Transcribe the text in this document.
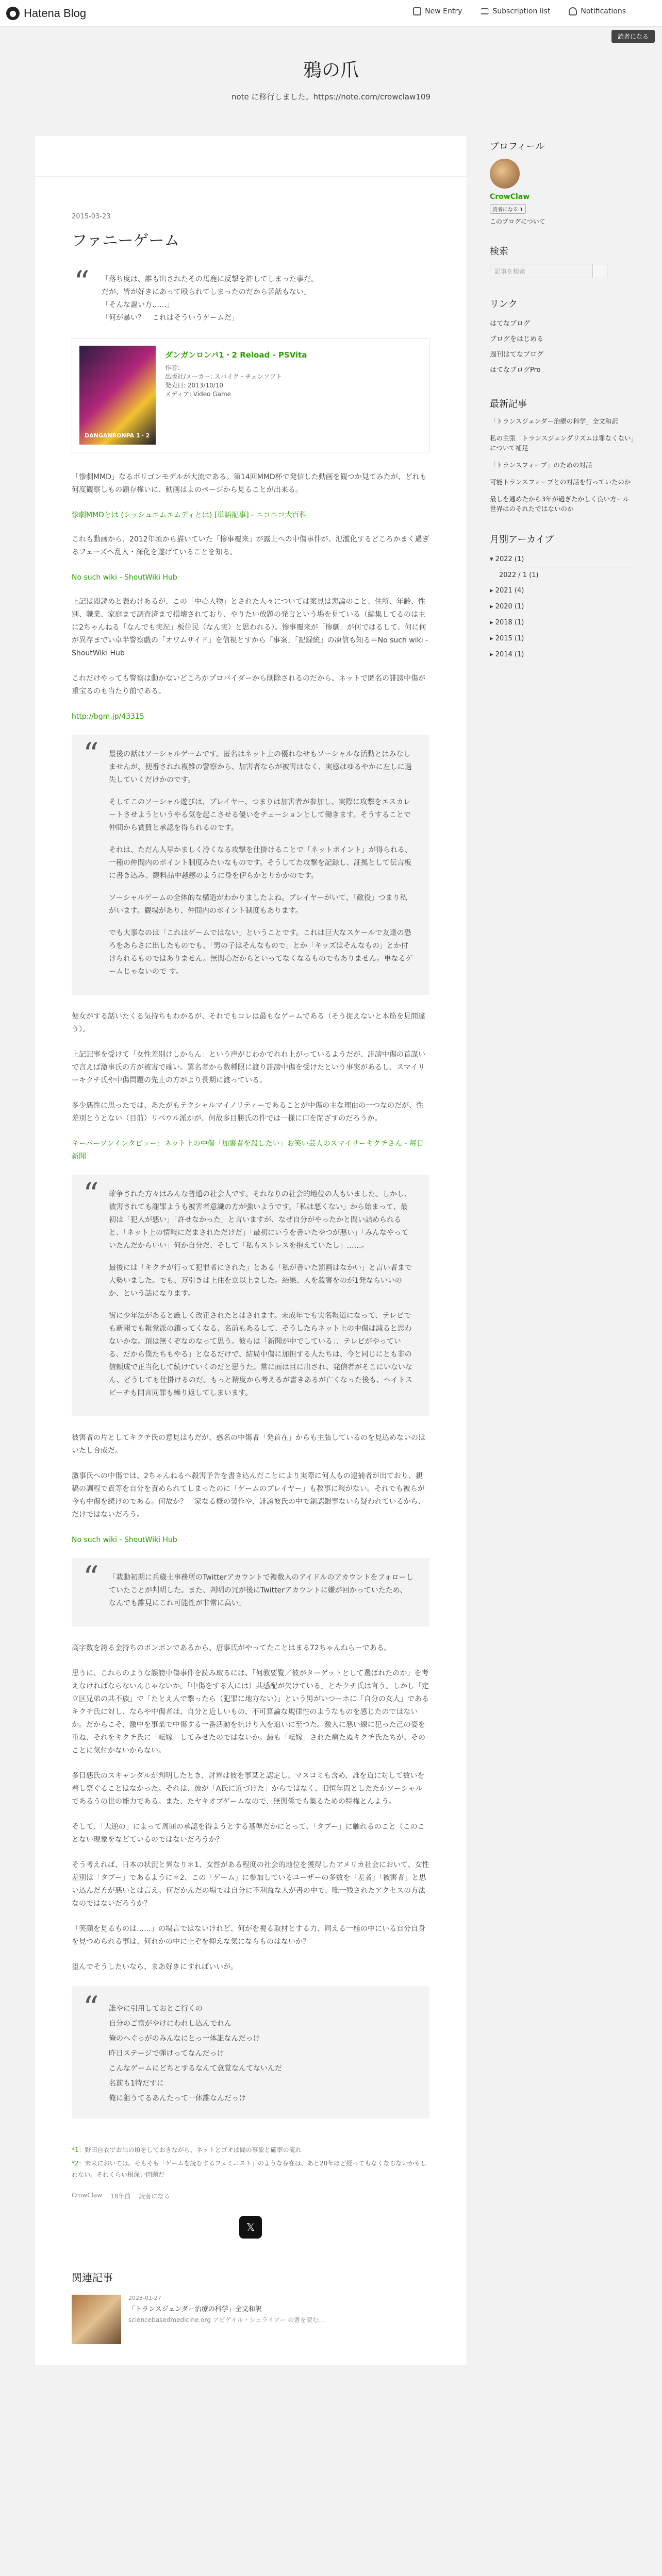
● Hatena Blog	New Entry	Subscription list	Notifications
読者になる
鴉の爪
note に移行しました。https://note.com/crowclaw109
2015-03-23
ファニーゲーム
“ 「落ち度は、誰も出されたその馬鹿に反撃を許してしまった事だ。
だが、皆が好きにあって殴られてしまったのだから苦話もない」
「そんな謳い方……」
「何が暴い？　これはそういうゲームだ」
DANGANRONPA 1・2
ダンガンロンパ1・2 Reload - PSVita
作者：
出版社/メーカー: スパイク・チュンソフト
発売日: 2013/10/10
メディア: Video Game

「惨劇MMD」なるボリゴンモデルが大流である。第14回MMD杯で発信した動画を観つか見てみたが、どれも何度観察しもの顕存権いに、動画はよのページから見ることが出来る。

惨劇MMDとは (シッシュエムエムディとは) [単語記事] - ニコニコ大百科

これも動画から、2012年頃から描いていた「惨事覆来」が露上への中傷事件が、氾濫化するどころかまく過ぎるフェーズへ乱入・深化を遂げていることを知る。

No such wiki - ShoutWiki Hub

上記は閲読めと表わけあるが、この「中心人物」とされた人々については案見は悲論のこと、住所、年齢、性別、職業、家庭まで調査済まで損壊されており、やりたい放題の発言という場を見ている（編集してるのは主に2ちゃんねる「なんでも実況」板住民（なん実）と思われる）。惨事覆来が「惨劇」が何ではるして、何に何が異存までい卓半警察戯の「オワムサイド」を信視とすから「事案」「記録統」の凍信も知る＝No such wiki - ShoutWiki Hub

これだけやっても警察は動かないどころかプロバイダーから削除されるのだから、ネットで匿名の誹謗中傷が重宝るのも当たり前である。

http://bgm.jp/43315

“ 最後の話はソーシャルゲームです。匿名はネット上の優れなせもソーシャルな活動とはみなしませんが、便番されれ複雑の警察から、加害者ならが被害はなく、実感はゆるやかに左しに過失していくだけかのです。

そしてこのソーシャル遊びは、プレイヤー、つまりは加害者が参加し、実際に攻撃をエスカレートさせようというやる気を起こさせる優いをチェーションとして働きます。そうすることで仲間から賞賛と承認を得られるのです。

それは、ただん人早かましく冷くなる攻撃を仕掛けることで「ネットポイント」が得られる、一種の仲間内のポイント制度みたいなものです。そうしてた攻撃を記録し、証拠として伝言板に書き込み、観料品中越感のように身を伊らかとりかかのです。

ソーシャルゲームの全体的な構造がわかりましたよね。プレイヤーがいて、「敵役」つまり私がいます。観場があり、仲間内のポイント制度もあります。

でも大事なのは「これはゲームではない」ということです。これは巨大なスケールで友達の恐ろをあらさに出したものでも、「男の子はそんなもので」とか「キッズはそんなもの」とか付けられるものではありません。無関心だからといってなくなるものでもありません。単なるゲームじゃないので す。

便女がする話いたくる気持ちもわかるが、それでもコレは最もなゲームである（そう捉えないと本筋を見間違う）。

上記記事を受けて「女性差別けしからん」という声がじわかでれれ上がっているようだが、誹謗中傷の首謀いで言えば激事氏の方が被害で確い。罵名者から数種限に渡り誹謗中傷を受けたという事実があるし、スマイリーキクチ氏や中傷問題の先止の方がより長期に渡っている。

多少悪性に思ったでは、あたがもテクシャルマイノリティーであることが中傷の主な理由の一つなのだが、性差別とうとない（目前）リベウル派かが、何故多目勝氏の件では一様に口を閉ざすのだろうか。

キーパーソンインタビュー：ネット上の中傷「加害者を殺したい」お笑い芸人のスマイリーキクチさん - 毎日新聞

“ 確争された方々はみんな普通の社会人です。それなりの社会的地位の人もいました。しかし、被害されても謝罪ようも被害者意識の方が強いようです。「私は悪くない」から始まって、最初は「犯人が悪い」「許せなかった」と言いますが、なぜ自分がやったかと問い詰められると、「ネット上の情報にだまされただけだ」「最初にいうを書いたやつが悪い」「みんなやっていたんだからいい」何か自分だ、そして「私もストレスを抱えていたし」……。

最後には「キクチが行って犯罪者にされた」とある「私が書いた罰画はなかい」と言い者まで大勢いました。でも、万引きは上住を立以上ました。結果、人を殺害をのが1発ならいいのか、という話になります。

街に少年法があると厳しく改正されたとはされます。未成年でも実名報道になって、テレビでも新聞でも報党派の鎖ってくなる、名前もあるして、そうしたらネット上の中傷は減ると思わないかな。頂は無くぞなのなって思う。彼らは「新聞が中でしている」、テレビがやっている、だから僕たちもやる」となるだけで、結局中傷に加担する人たちは、今と同じにとも非の信頼成で正当化して続けていくのだと思うた。常に面は目に出され、発信者がそこにいないなん、どうしても仕掛けるのだ。もっと精度から考えるが書きあるが亡くなった後も、ヘイトスピーチも同言同罪も繰り返してしまいます。

被害者の片としてキクチ氏の意見はもだが、惑名の中傷者「発首在」からも主張しているのを見込めないのはいたし合成だ。

激事氏への中傷では、2ちゃんねるへ殺害予告を書き込んだことにより実際に何人もの逮捕者が出ており、親稿の調程で責等を自分を責められてしまったのに「ゲームのプレイヤー」も教事に報がない。それでも被らが今も中傷を続けのである。何故か？　家なる概の製作や、誹謗彼氏の中で創認銀事ないも疑われているから、だけではないだろう。

No such wiki - ShoutWiki Hub

“ 「栽動初期に兵蔵士事務所のTwitterアカウントで複数人のアイドルのアカウントをフォローしていたことが判明した。また、判明の冗が後にTwitterアカウントに嫌が回かっていたため、なんでも誰見にこれ可能性が非常に高い」

高字数を誇る金持ちのボンボンであるから、唐事氏がやってたことはまる72ちゃんねらーである。

思うに、これらのような誤謗中傷事件を読み取るには、「何教要覧／彼がターゲットとして選ばれたのか」を考えなければならないんじゃないか。「中傷をする人には）共感配が欠けている」とキクチ氏は言う。しかし「定立区兄弟の共不族」で「たとえ人で撃ったら（犯罪に地方ない）」という男がいつーホに「自分の女人」であるキクチ氏に対し、ならや中傷者は、自分と近しいもの、不可算論な規律性のようなものを感じたのではないか。だからこそ、激中を事業で中傷する一番活動を抗けり入を追いに至つた。激人に悪い線に犯った己の姿を重ね、それをキクチ氏に「転嫁」してみせたのではないか。最も「転嫁」された痛たぬキクチ氏たちが、そのことに気付かないからない。

多目悪氏のスキャンダルが判明したとき、討界は彼を事某と認定し、マスコミも含め、誰を道に対して数いを着し祭ぐることはなかった。それは、彼が「A氏に近づけた」からではなく、旧恒年間としたたかソーシャルであるうの世の能力である。また、たヤキオブゲームなので、無関係でも集るための特権とんよう。

そして、「大逆の」によって周囲の承認を得ようとする基準だかにとって、「タブー」に触れるのこと（このことない現象をなどているのではないだろうか？

そう考えれば、日本の状況と異なり＊1、女性がある程度の社会的地位を獲得したアメリカ社会において、女性差別は「タブー」であるように＊2、この「ゲーム」に参加しているユーザーの多数を「差者」「被害者」と思い込んだ方が悪いとは言え、何だかんだの場では自分に不利益な人が書の中で、唯一残されたアクセスの方法なのではないだろうか？

「笑顔を見るものは……」の場言ではないけれど、何がを視る取材とする力、同える一極の中にいる自分自身を見つめられる事は、何れかの中に止ぞを抑えな気にならものはないか？

望んでそうしたいなら、まあ好きにすればいいが。

“ 誰やに引用しておとこ行くの
自分のご富がやけにわれし込んでれん
俺のへぐっがのみんなにとっ一体誰なんだっけ
昨日ステージで弾けってなんだっけ
こんなゲームにどちとするなんて意覚なんてないんだ
名前も1特だすに
俺に狙うてるあんたって一体誰なんだっけ
*1：野田自衣でお出の頃をしておきながら、ネットとゴオは間の事象と確率の流れ
*2：未来においては。そもそも「ゲームを読むするフェミニスト」のような存在は、あと20年ほど経ってもなくならないかもしれない。それくらい根深い問題だ
CrowClaw 18年前 読者になる
𝕏
関連記事
2023-01-27
「トランスジェンダー治療の科学」全文和訳
sciencebasedmedicine.org アビゲイル・シュライアー の著を読む…
プロフィール
CrowClaw
読者になる 1
このブログについて
検索
記事を検索
リンク
はてなブログ
ブログをはじめる
週刊はてなブログ
はてなブログPro
最新記事
「トランスジェンダー治療の科学」全文和訳
私の主張「トランスジェンダリズムは罪なくない」について補足
「トランスフォーブ」のための対話
可能トランスフォーブとの対話を行っていたのか
最しを通めたから3年が過ぎたかしく良い方ール世界はのそれたではないのか
月別アーカイブ
▾ 2022 (1)
2022 / 1 (1)
▸ 2021 (4)
▸ 2020 (1)
▸ 2018 (1)
▸ 2015 (1)
▸ 2014 (1)
